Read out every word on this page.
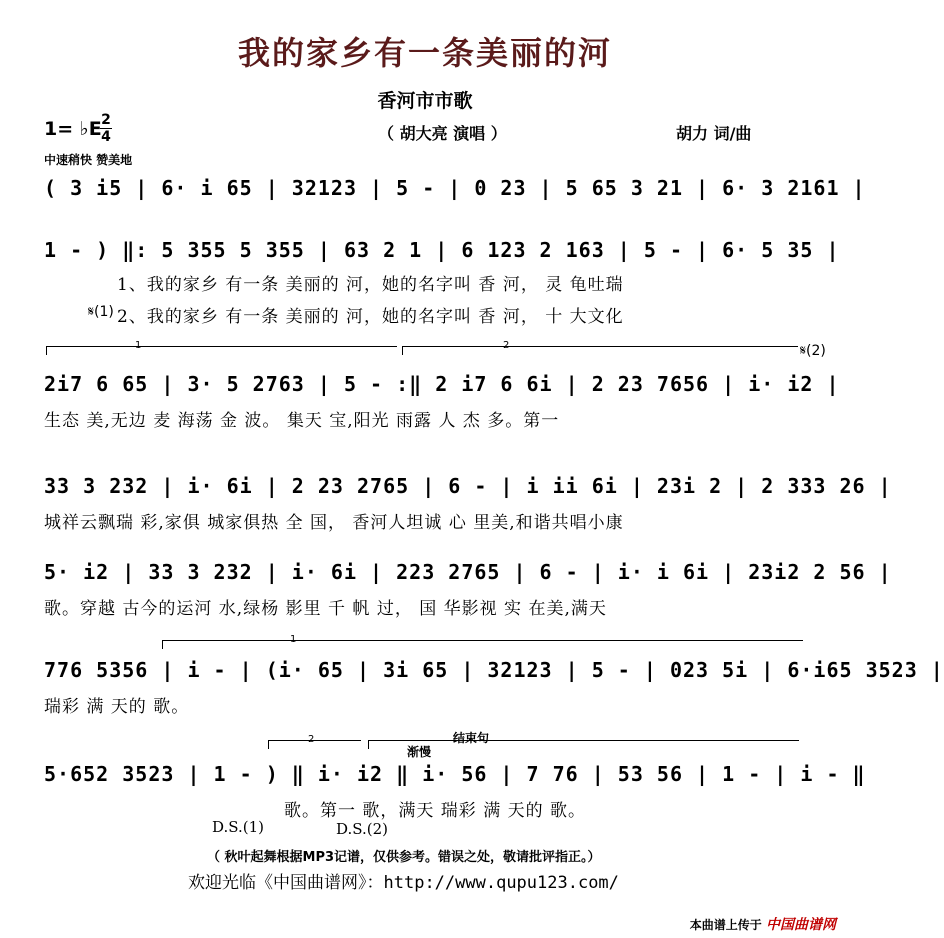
我的家乡有一条美丽的河
香河市市歌
1= ♭E 2
4	（ 胡大亮 演唱 ）	胡力 词/曲
中速稍快 赞美地
( 3 i5 | 6· i 65 | 32123 | 5 - | 0 23 | 5 65 3 21 | 6· 3 2161 |
1 - ) ‖: 5 355 5 355 | 63 2 1 | 6 123 2 163 | 5 - | 6· 5 35 |
1、我的家乡 有一条 美丽的 河，她的名字叫 香 河， 灵 龟吐瑞
𝄋(1) 2、我的家乡 有一条 美丽的 河，她的名字叫 香 河， 十 大文化
1	2	𝄋(2)
2i7 6 65 | 3· 5 2763 | 5 - :‖ 2 i7 6 6i | 2 23 7656 | i· i2 |
生态 美,无边 麦 海荡 金 波。 集天 宝,阳光 雨露 人 杰 多。第一
33 3 232 | i· 6i | 2 23 2765 | 6 - | i ii 6i | 23i 2 | 2 333 26 |
城祥云飘瑞 彩,家俱 城家俱热 全 国， 香河人坦诚 心 里美,和谐共唱小康
5· i2 | 33 3 232 | i· 6i | 223 2765 | 6 - | i· i 6i | 23i2 2 56 |
歌。穿越 古今的运河 水,绿杨 影里 千 帆 过， 国 华影视 实 在美,满天
1
776 5356 | i - | (i· 65 | 3i 65 | 32123 | 5 - | 023 5i | 6·i65 3523 |
瑞彩 满 天的 歌。
2	结束句
渐慢
5·652 3523 | 1 - ) ‖ i· i2 ‖ i· 56 | 7 76 | 53 56 | 1 - | i - ‖
歌。第一 歌，满天 瑞彩 满 天的 歌。
D.S.(1)	D.S.(2)
（ 秋叶起舞根据MP3记谱，仅供参考。错误之处，敬请批评指正。）
欢迎光临《中国曲谱网》：http://www.qupu123.com/
本曲谱上传于 中国曲谱网
